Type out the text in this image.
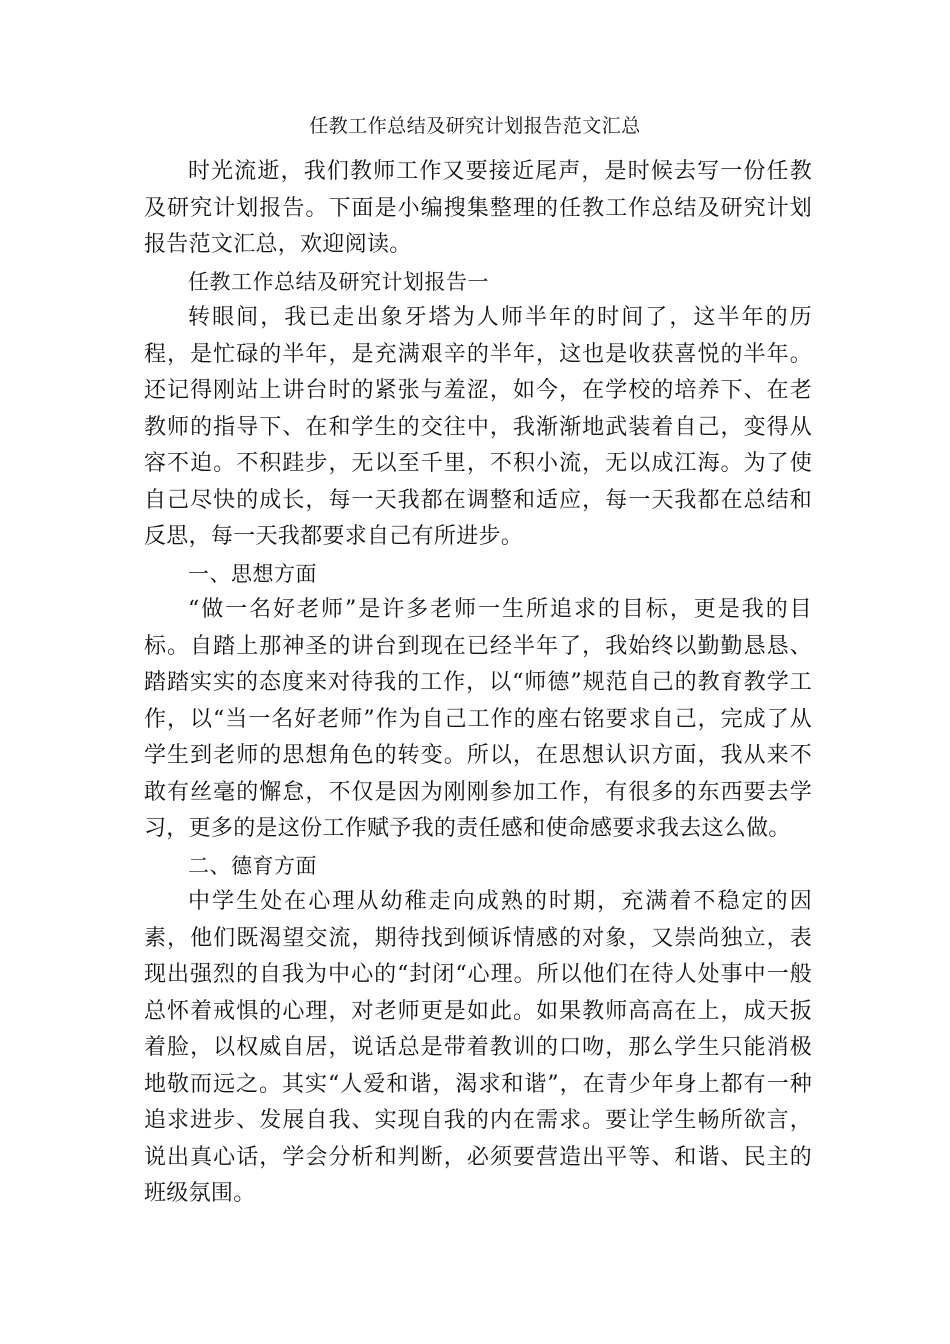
任教工作总结及研究计划报告范文汇总

时光流逝，我们教师工作又要接近尾声，是时候去写一份任教及研究计划报告。下面是小编搜集整理的任教工作总结及研究计划报告范文汇总，欢迎阅读。

任教工作总结及研究计划报告一

转眼间，我已走出象牙塔为人师半年的时间了，这半年的历程，是忙碌的半年，是充满艰辛的半年，这也是收获喜悦的半年。还记得刚站上讲台时的紧张与羞涩，如今，在学校的培养下、在老教师的指导下、在和学生的交往中，我渐渐地武装着自己，变得从容不迫。不积跬步，无以至千里，不积小流，无以成江海。为了使自己尽快的成长，每一天我都在调整和适应，每一天我都在总结和反思，每一天我都要求自己有所进步。

一、思想方面

“做一名好老师”是许多老师一生所追求的目标，更是我的目标。自踏上那神圣的讲台到现在已经半年了，我始终以勤勤恳恳、踏踏实实的态度来对待我的工作，以“师德”规范自己的教育教学工作，以“当一名好老师”作为自己工作的座右铭要求自己，完成了从学生到老师的思想角色的转变。所以，在思想认识方面，我从来不敢有丝毫的懈怠，不仅是因为刚刚参加工作，有很多的东西要去学习，更多的是这份工作赋予我的责任感和使命感要求我去这么做。

二、德育方面

中学生处在心理从幼稚走向成熟的时期，充满着不稳定的因素，他们既渴望交流，期待找到倾诉情感的对象，又崇尚独立，表现出强烈的自我为中心的“封闭“心理。所以他们在待人处事中一般总怀着戒惧的心理，对老师更是如此。如果教师高高在上，成天扳着脸，以权威自居，说话总是带着教训的口吻，那么学生只能消极地敬而远之。其实“人爱和谐，渴求和谐”，在青少年身上都有一种追求进步、发展自我、实现自我的内在需求。要让学生畅所欲言，说出真心话，学会分析和判断，必须要营造出平等、和谐、民主的班级氛围。
